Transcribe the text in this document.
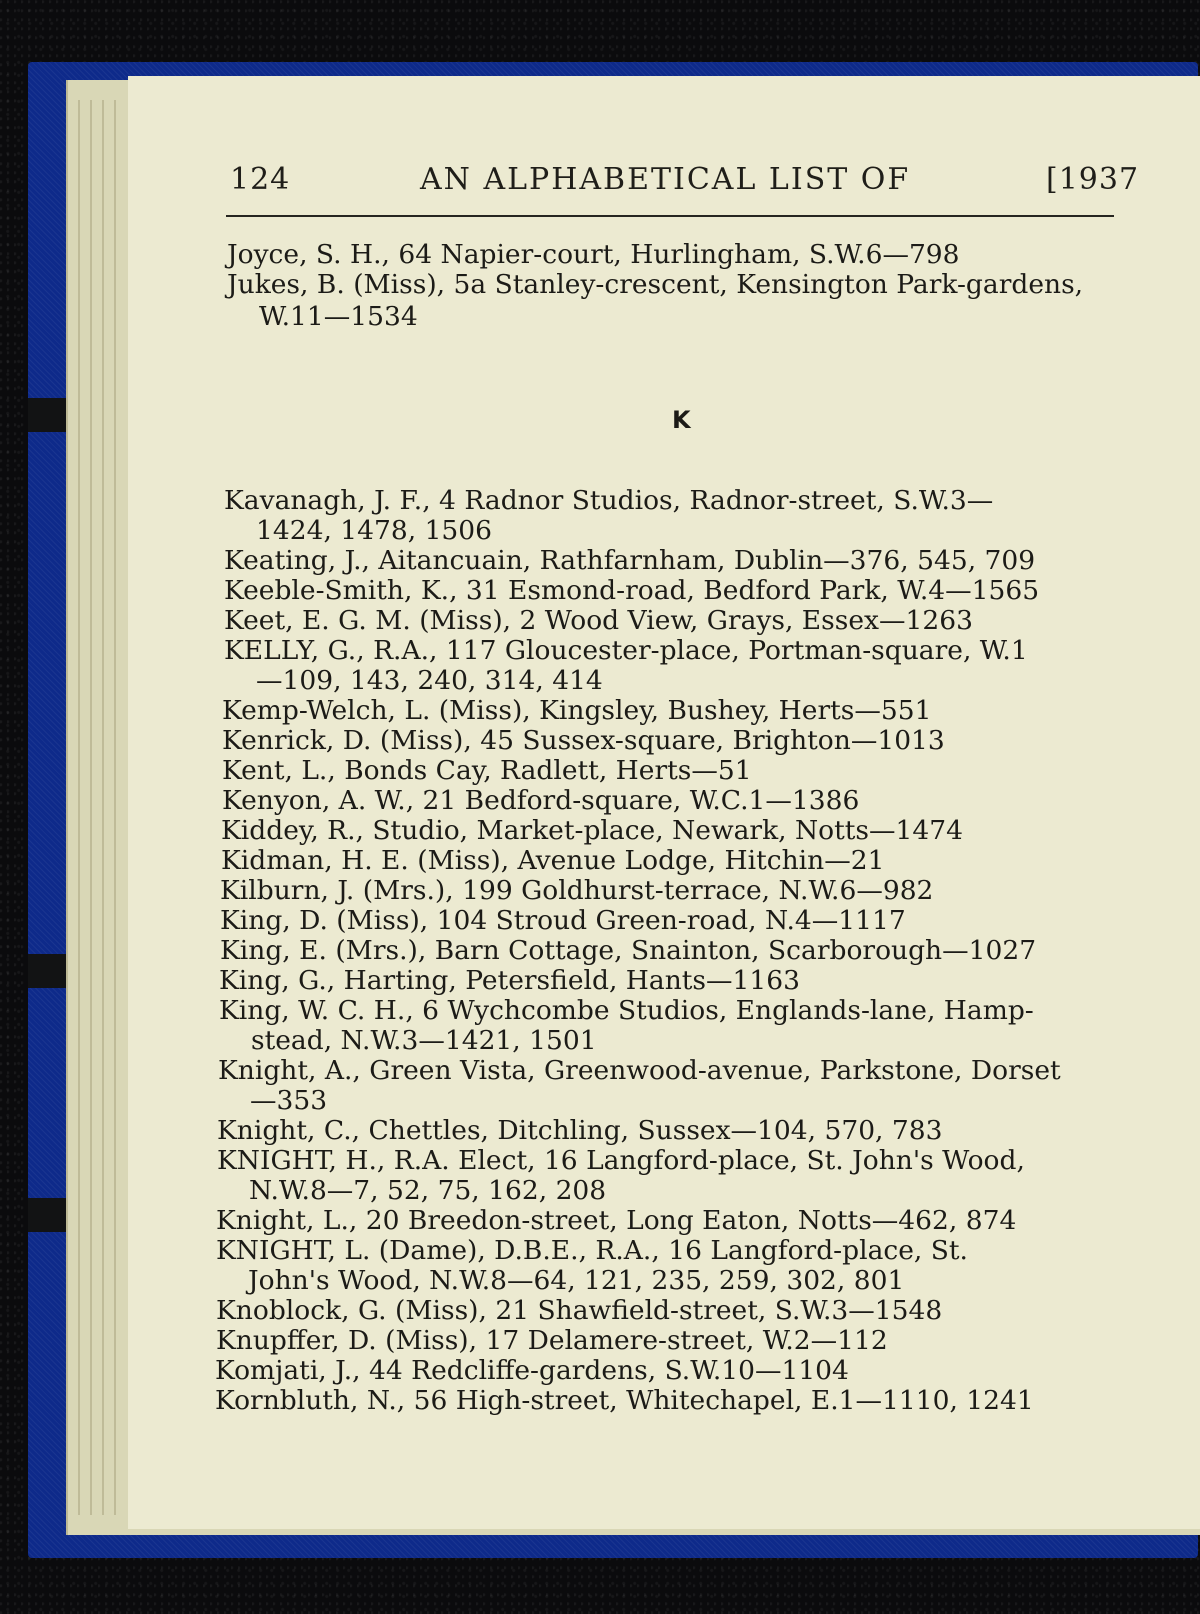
124	AN ALPHABETICAL LIST OF	[1937
K

Joyce, S. H., 64 Napier-court, Hurlingham, S.W.6—798

Jukes, B. (Miss), 5a Stanley-crescent, Kensington Park-gardens,

W.11—1534

Kavanagh, J. F., 4 Radnor Studios, Radnor-street, S.W.3—

1424, 1478, 1506

Keating, J., Aitancuain, Rathfarnham, Dublin—376, 545, 709

Keeble-Smith, K., 31 Esmond-road, Bedford Park, W.4—1565

Keet, E. G. M. (Miss), 2 Wood View, Grays, Essex—1263

KELLY, G., R.A., 117 Gloucester-place, Portman-square, W.1

—109, 143, 240, 314, 414

Kemp-Welch, L. (Miss), Kingsley, Bushey, Herts—551

Kenrick, D. (Miss), 45 Sussex-square, Brighton—1013

Kent, L., Bonds Cay, Radlett, Herts—51

Kenyon, A. W., 21 Bedford-square, W.C.1—1386

Kiddey, R., Studio, Market-place, Newark, Notts—1474

Kidman, H. E. (Miss), Avenue Lodge, Hitchin—21

Kilburn, J. (Mrs.), 199 Goldhurst-terrace, N.W.6—982

King, D. (Miss), 104 Stroud Green-road, N.4—1117

King, E. (Mrs.), Barn Cottage, Snainton, Scarborough—1027

King, G., Harting, Petersfield, Hants—1163

King, W. C. H., 6 Wychcombe Studios, Englands-lane, Hamp-

stead, N.W.3—1421, 1501

Knight, A., Green Vista, Greenwood-avenue, Parkstone, Dorset

—353

Knight, C., Chettles, Ditchling, Sussex—104, 570, 783

KNIGHT, H., R.A. Elect, 16 Langford-place, St. John's Wood,

N.W.8—7, 52, 75, 162, 208

Knight, L., 20 Breedon-street, Long Eaton, Notts—462, 874

KNIGHT, L. (Dame), D.B.E., R.A., 16 Langford-place, St.

John's Wood, N.W.8—64, 121, 235, 259, 302, 801

Knoblock, G. (Miss), 21 Shawfield-street, S.W.3—1548

Knupffer, D. (Miss), 17 Delamere-street, W.2—112

Komjati, J., 44 Redcliffe-gardens, S.W.10—1104

Kornbluth, N., 56 High-street, Whitechapel, E.1—1110, 1241
